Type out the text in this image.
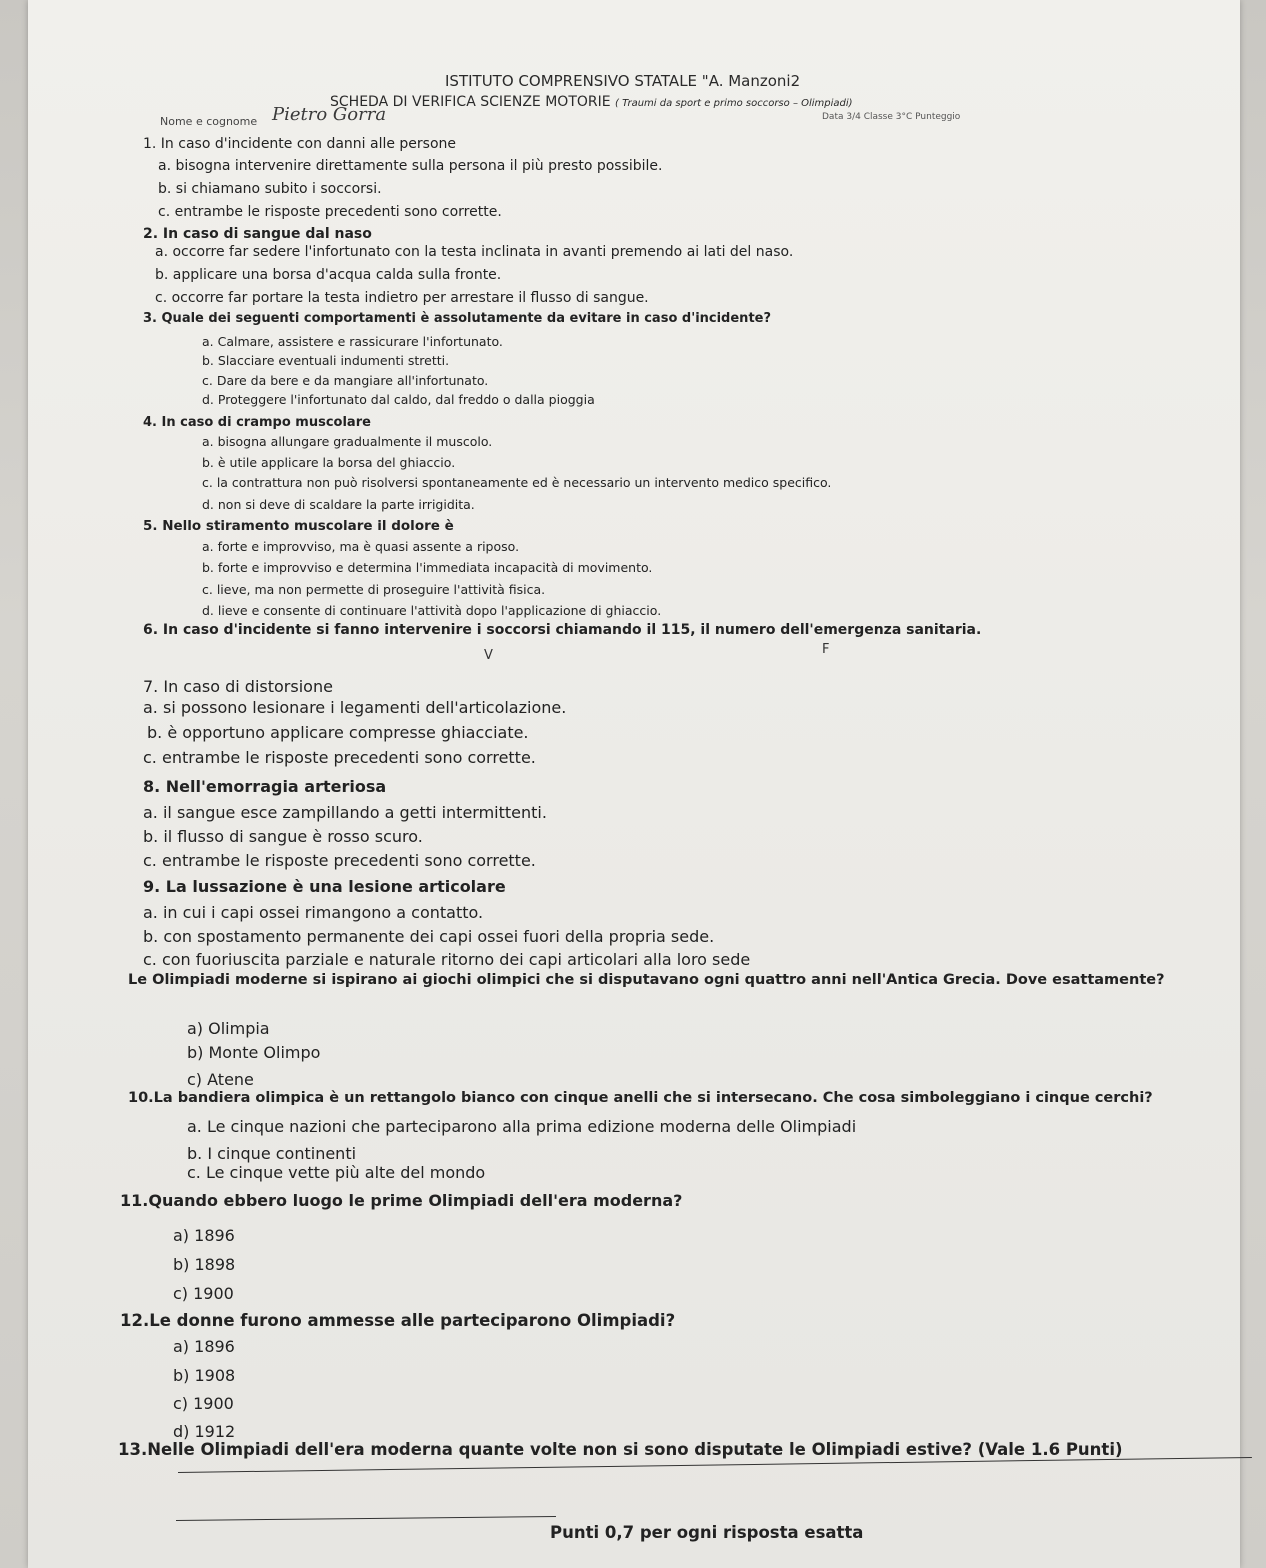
ISTITUTO COMPRENSIVO STATALE "A. Manzoni2
SCHEDA DI VERIFICA SCIENZE MOTORIE ( Traumi da sport e primo soccorso – Olimpiadi)
Nome e cognome Pietro Gorra	Data 3/4 Classe 3°C Punteggio
1. In caso d'incidente con danni alle persone
a. bisogna intervenire direttamente sulla persona il più presto possibile.
b. si chiamano subito i soccorsi.
c. entrambe le risposte precedenti sono corrette.
2. In caso di sangue dal naso
a. occorre far sedere l'infortunato con la testa inclinata in avanti premendo ai lati del naso.
b. applicare una borsa d'acqua calda sulla fronte.
c. occorre far portare la testa indietro per arrestare il flusso di sangue.
3. Quale dei seguenti comportamenti è assolutamente da evitare in caso d'incidente?
a. Calmare, assistere e rassicurare l'infortunato.
b. Slacciare eventuali indumenti stretti.
c. Dare da bere e da mangiare all'infortunato.
d. Proteggere l'infortunato dal caldo, dal freddo o dalla pioggia
4. In caso di crampo muscolare
a. bisogna allungare gradualmente il muscolo.
b. è utile applicare la borsa del ghiaccio.
c. la contrattura non può risolversi spontaneamente ed è necessario un intervento medico specifico.
d. non si deve di scaldare la parte irrigidita.
5. Nello stiramento muscolare il dolore è
a. forte e improvviso, ma è quasi assente a riposo.
b. forte e improvviso e determina l'immediata incapacità di movimento.
c. lieve, ma non permette di proseguire l'attività fisica.
d. lieve e consente di continuare l'attività dopo l'applicazione di ghiaccio.
6. In caso d'incidente si fanno intervenire i soccorsi chiamando il 115, il numero dell'emergenza sanitaria.
V	F
7. In caso di distorsione
a. si possono lesionare i legamenti dell'articolazione.
b. è opportuno applicare compresse ghiacciate.
c. entrambe le risposte precedenti sono corrette.
8. Nell'emorragia arteriosa
a. il sangue esce zampillando a getti intermittenti.
b. il flusso di sangue è rosso scuro.
c. entrambe le risposte precedenti sono corrette.
9. La lussazione è una lesione articolare
a. in cui i capi ossei rimangono a contatto.
b. con spostamento permanente dei capi ossei fuori della propria sede.
c. con fuoriuscita parziale e naturale ritorno dei capi articolari alla loro sede
Le Olimpiadi moderne si ispirano ai giochi olimpici che si disputavano ogni quattro anni nell'Antica Grecia. Dove esattamente?
a) Olimpia
b) Monte Olimpo
c) Atene
10.La bandiera olimpica è un rettangolo bianco con cinque anelli che si intersecano. Che cosa simboleggiano i cinque cerchi?
a. Le cinque nazioni che parteciparono alla prima edizione moderna delle Olimpiadi
b. I cinque continenti
c. Le cinque vette più alte del mondo
11.Quando ebbero luogo le prime Olimpiadi dell'era moderna?
a) 1896
b) 1898
c) 1900
12.Le donne furono ammesse alle parteciparono Olimpiadi?
a) 1896
b) 1908
c) 1900
d) 1912
13.Nelle Olimpiadi dell'era moderna quante volte non si sono disputate le Olimpiadi estive? (Vale 1.6 Punti)
Punti 0,7 per ogni risposta esatta
